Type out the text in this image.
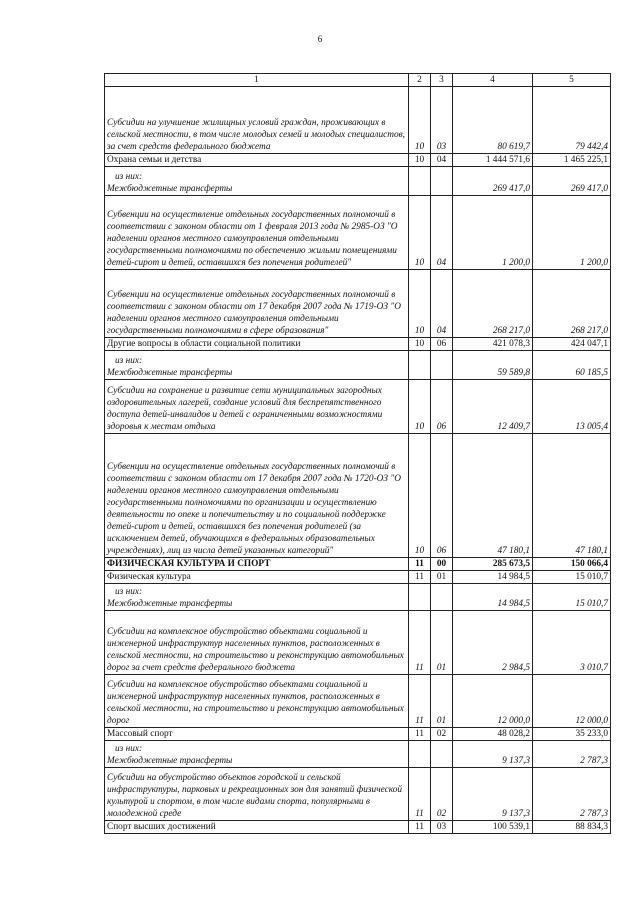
6
1	2	3	4	5
Субсидии на улучшение жилищных условий граждан, проживающих в сельской местности, в том числе молодых семей и молодых специалистов, за счет средств федерального бюджета	10	03	80 619,7	79 442,4
Охрана семьи и детства	10	04	1 444 571,6	1 465 225,1

из них:
Межбюджетные трансферты			269 417,0	269 417,0
Субвенции на осуществление отдельных государственных полномочий в соответствии с законом области от 1 февраля 2013 года № 2985-ОЗ "О наделении органов местного самоуправления отдельными государственными полномочиями по обеспечению жильми помещениями детей-сирот и детей, оставшихся без попечения родителей"	10	04	1 200,0	1 200,0
Субвенции на осуществление отдельных государственных полномочий в соответствии с законом области от 17 декабря 2007 года № 1719-ОЗ "О наделении органов местного самоуправления отдельными государственными полномочиями в сфере образования"	10	04	268 217,0	268 217,0
Другие вопросы в области социальной политики	10	06	421 078,3	424 047,1

из них:
Межбюджетные трансферты			59 589,8	60 185,5
Субсидии на сохранение и развитие сети муниципальных загородных оздоровительных лагерей, создание условий для беспрепятственного доступа детей-инвалидов и детей с ограниченными возможностями здоровья к местам отдыха	10	06	12 409,7	13 005,4
Субвенции на осуществление отдельных государственных полномочий в соответствии с законом области от 17 декабря 2007 года № 1720-ОЗ "О наделении органов местного самоуправления отдельными государственными полномочиями по организации и осуществлению деятельности по опеке и попечительству и по социальной поддержке детей-сирот и детей, оставшихся без попечения родителей (за исключением детей, обучающихся в федеральных образовательных учреждениях), лиц из числа детей указанных категорий"	10	06	47 180,1	47 180,1
ФИЗИЧЕСКАЯ КУЛЬТУРА И СПОРТ	11	00	285 673,5	150 066,4
Физическая культура	11	01	14 984,5	15 010,7

из них:
Межбюджетные трансферты			14 984,5	15 010,7
Субсидии на комплексное обустройство объектами социальной и инженерной инфраструктур населенных пунктов, расположенных в сельской местности, на строительство и реконструкцию автомобильных дорог за счет средств федерального бюджета	11	01	2 984,5	3 010,7
Субсидии на комплексное обустройство объектами социальной и инженерной инфраструктур населенных пунктов, расположенных в сельской местности, на строительство и реконструкцию автомобильных дорог	11	01	12 000,0	12 000,0
Массовый спорт	11	02	48 028,2	35 233,0

из них:
Межбюджетные трансферты			9 137,3	2 787,3
Субсидии на обустройство объектов городской и сельской инфраструктуры, парковых и рекреационных зон для занятий физической культурой и спортом, в том числе видами спорта, популярными в молодежной среде	11	02	9 137,3	2 787,3
Спорт высших достижений	11	03	100 539,1	88 834,3
